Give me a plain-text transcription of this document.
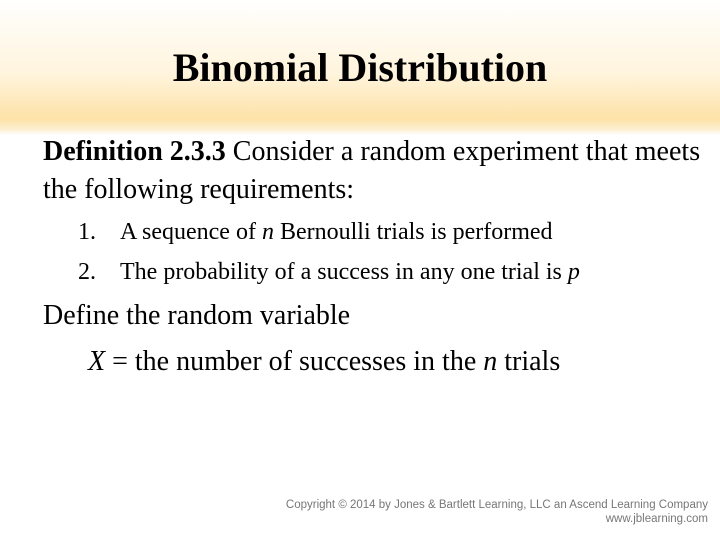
Binomial Distribution
Definition 2.3.3 Consider a random experiment that meets the following requirements:
1. A sequence of n Bernoulli trials is performed
2. The probability of a success in any one trial is p
Define the random variable
X = the number of successes in the n trials
Copyright © 2014 by Jones & Bartlett Learning, LLC an Ascend Learning Company
www.jblearning.com
